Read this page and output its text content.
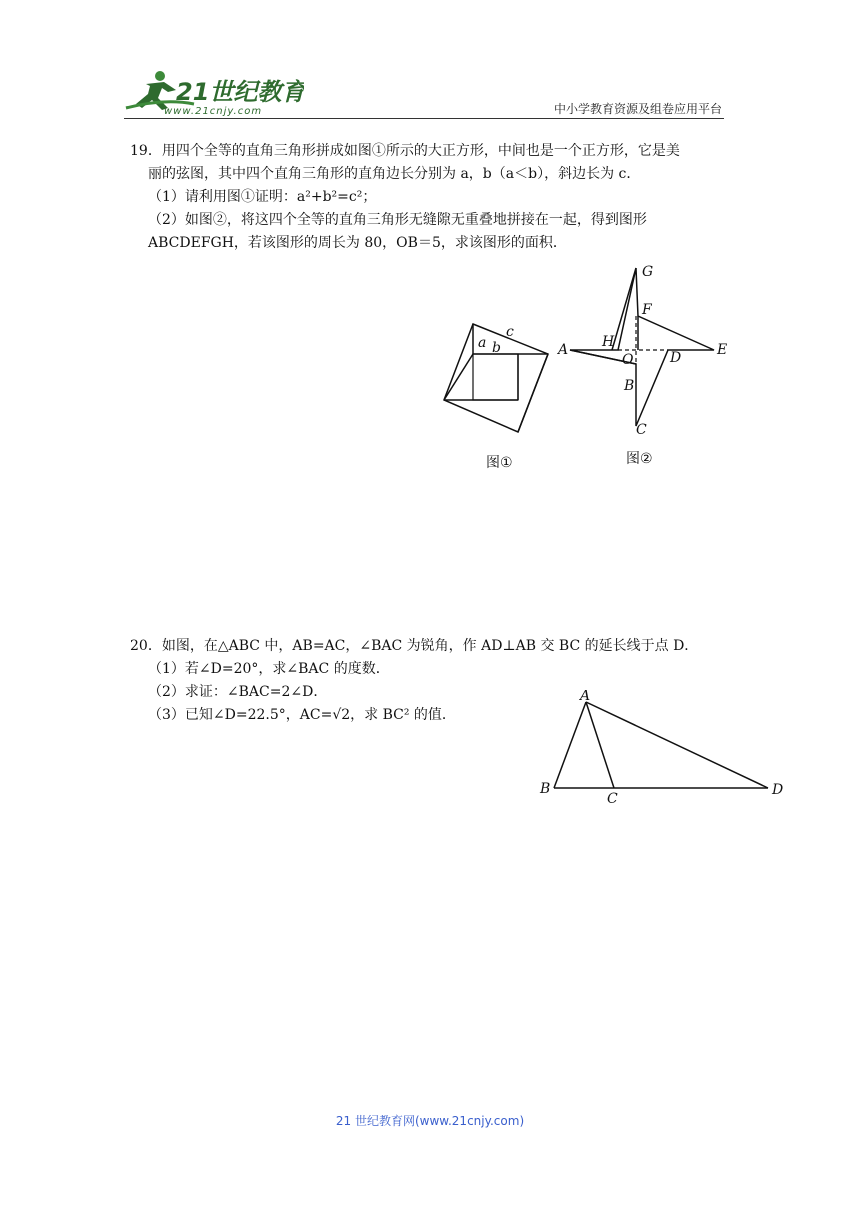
21世纪教育
www.21cnjy.com	中小学教育资源及组卷应用平台
19．用四个全等的直角三角形拼成如图①所示的大正方形，中间也是一个正方形，它是美
丽的弦图，其中四个直角三角形的直角边长分别为 a，b（a＜b），斜边长为 c．
（1）请利用图①证明：a²+b²=c²；
（2）如图②，将这四个全等的直角三角形无缝隙无重叠地拼接在一起，得到图形
ABCDEFGH，若该图形的周长为 80，OB＝5，求该图形的面积．
a b
c
图①
G
F
H
A
O	D	E
B
C
图②
20．如图，在△ABC 中，AB=AC，∠BAC 为锐角，作 AD⊥AB 交 BC 的延长线于点 D．
（1）若∠D=20°，求∠BAC 的度数．
（2）求证：∠BAC=2∠D．
（3）已知∠D=22.5°，AC=√2，求 BC² 的值．
A
B
C
D
21 世纪教育网(www.21cnjy.com)
